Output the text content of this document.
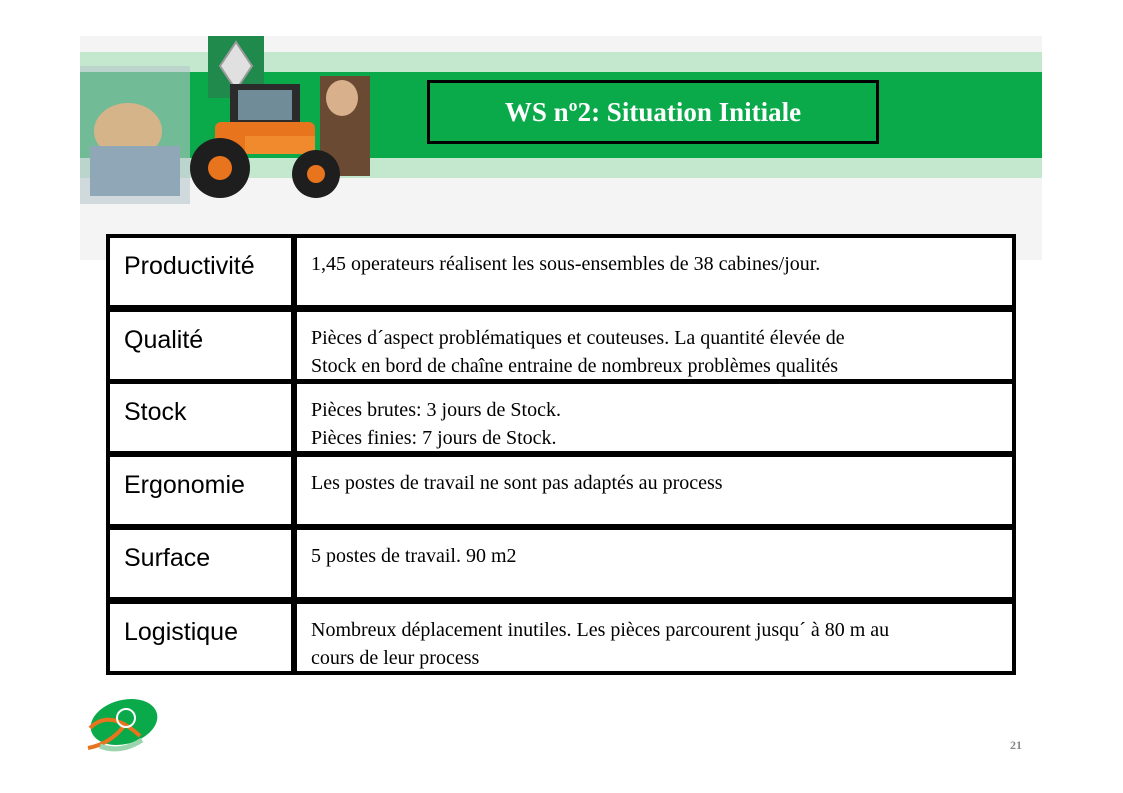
WS nº2: Situation Initiale
Productivité	1,45 operateurs réalisent les sous-ensembles de 38 cabines/jour.
Qualité	Pièces d´aspect problématiques et couteuses. La quantité élevée de
Stock en bord de chaîne entraine de nombreux problèmes qualités
Stock	Pièces brutes: 3 jours de Stock.
Pièces finies: 7 jours de Stock.
Ergonomie	Les postes de travail ne sont pas adaptés au process
Surface	5 postes de travail. 90 m2
Logistique	Nombreux déplacement inutiles. Les pièces parcourent jusqu´ à 80 m au
cours de leur process
21
